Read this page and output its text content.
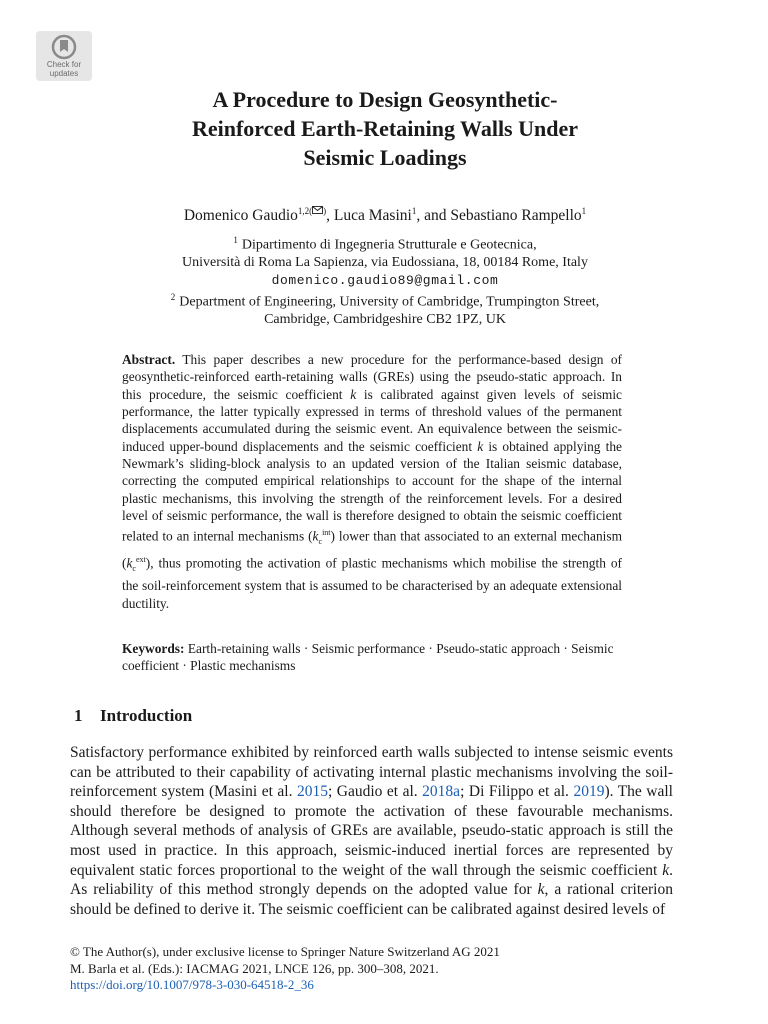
Check for
updates
A Procedure to Design Geosynthetic-
Reinforced Earth-Retaining Walls Under
Seismic Loadings
Domenico Gaudio$^{1,2( )}$, Luca Masini$^1$, and Sebastiano Rampello$^1$
$^1$ Dipartimento di Ingegneria Strutturale e Geotecnica,
Università di Roma La Sapienza, via Eudossiana, 18, 00184 Rome, Italy
domenico.gaudio89@gmail.com
$^2$ Department of Engineering, University of Cambridge, Trumpington Street,
Cambridge, Cambridgeshire CB2 1PZ, UK

Abstract. This paper describes a new procedure for the performance-based design of geosynthetic-reinforced earth-retaining walls (GREs) using the pseudo-static approach. In this procedure, the seismic coefficient k is calibrated against given levels of seismic performance, the latter typically expressed in terms of threshold values of the permanent displacements accumulated during the seismic event. An equivalence between the seismic-induced upper-bound displacements and the seismic coefficient k is obtained applying the Newmark’s sliding-block analysis to an updated version of the Italian seismic database, correcting the computed empirical relationships to account for the shape of the internal plastic mechanisms, this involving the strength of the reinforcement levels. For a desired level of seismic performance, the wall is therefore designed to obtain the seismic coefficient related to an internal mechanisms $(k_c^{int})$ lower than that associated to an external mechanism $(k_c^{ext})$, thus promoting the activation of plastic mechanisms which mobilise the strength of the soil-reinforcement system that is assumed to be characterised by an adequate extensional ductility.

Keywords: Earth-retaining walls · Seismic performance · Pseudo-static approach · Seismic coefficient · Plastic mechanisms

1 Introduction

Satisfactory performance exhibited by reinforced earth walls subjected to intense seismic events can be attributed to their capability of activating internal plastic mechanisms involving the soil-reinforcement system (Masini et al. 2015; Gaudio et al. 2018a; Di Filippo et al. 2019). The wall should therefore be designed to promote the activation of these favourable mechanisms. Although several methods of analysis of GREs are available, pseudo-static approach is still the most used in practice. In this approach, seismic-induced inertial forces are represented by equivalent static forces proportional to the weight of the wall through the seismic coefficient k. As reliability of this method strongly depends on the adopted value for k, a rational criterion should be defined to derive it. The seismic coefficient can be calibrated against desired levels of

© The Author(s), under exclusive license to Springer Nature Switzerland AG 2021
M. Barla et al. (Eds.): IACMAG 2021, LNCE 126, pp. 300–308, 2021.
https://doi.org/10.1007/978-3-030-64518-2_36
